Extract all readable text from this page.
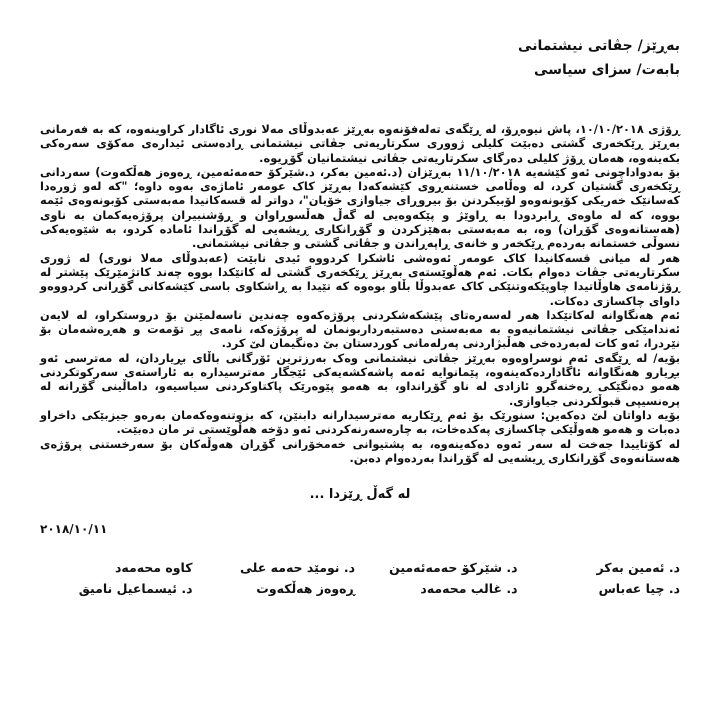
بەڕێز/ جڤاتی نیشتمانی
بابەت/ سزای سیاسی

ڕۆژی ١٠/١٠/٢٠١٨، پاش نیوەڕۆ، لە ڕێگەی تەلەفۆنەوە بەڕێز عەبدوڵای مەلا نوری ئاگادار کراوینەوە، کە بە فەرمانی بەڕێز ڕێکخەری گشتی دەبێت کلیلی ژووری سکرتاریەتی جڤاتی نیشتمانی ڕادەستی ئیدارەی مەکۆی سەرەکی بکەینەوە، هەمان ڕۆژ کلیلی دەرگای سکرتاریەتی جڤاتی نیشتمانیان گۆڕیوە.

بۆ بەدواداچونی ئەو کێشەیە ١١/١٠/٢٠١٨ بەڕێزان (د.ئەمین بەکر، د.شێرکۆ حەمەئەمین، ڕەوەز هەڵکەوت) سەردانی ڕێکخەری گشتیان کرد، لە وەڵامی خستنەڕوی کێشەکەدا بەڕێز کاک عومەر ئاماژەی بەوە داوە؛ "کە لەو ژورەدا کەسانێک خەریکی کۆبونەوەو لۆبیکردنن بۆ بیروڕای جیاوازی خۆیان"، دواتر لە قسەکانیدا مەبەستی کۆبونەوەی ئێمە بووە، کە لە ماوەی ڕابردودا بە ڕاوێژ و پێکەوەیی لە گەڵ هەڵسوڕاوان و ڕۆشنبیران پرۆژەیەکمان بە ناوی (هەستانەوەی گۆڕان) وە، بە مەبەستی بەهێزکردن و گۆڕانکاری ڕیشەیی لە گۆڕاندا ئامادە کردو، بە شێوەیەکی نسوڵی خستمانە بەردەم ڕێکخەر و خانەی ڕاپەڕاندن و جڤاتی گشتی و جڤاتی نیشتمانی.

هەر لە میانی قسەکانیدا کاک عومەر ئەوەشی ئاشکرا کردووە ئیدی نابێت (عەبدوڵای مەلا نوری) لە ژوری سکرتاریەتی جڤات دەوام بکات. ئەم هەڵوێستەی بەڕێز ڕێکخەری گشتی لە کاتێکدا بووە چەند کاتژمێرێک پێشتر لە ڕۆژنامەی هاوڵاتیدا چاوپێکەوتنێکی کاک عەبدوڵا بڵاو بوەوە کە تێیدا بە ڕاشکاوی باسی کێشەکانی گۆڕانی کردووەو داوای چاکسازی دەکات.

ئەم هەنگاوانە لەکاتێکدا هەر لەسەرەتای پێشکەشکردنی پرۆژەکەوە چەندین ناسەلمێنن بۆ دروستکراو، لە لایەن ئەندامێکی جڤاتی نیشتمانیەوە بە مەبەستی دەستبەرداربونمان لە پرۆژەکە، نامەی پڕ تۆمەت و هەڕەشەمان بۆ نێردرا، ئەو کات لەبەردەخی هەڵبژاردنی پەرلەمانی کوردستان بێ دەنگیمان لێ کرد.

بۆیە/ لە ڕێگەی ئەم نوسراوەوە بەڕێز جڤاتی نیشتمانی وەک بەرزترین ئۆرگانی باڵای بڕیاردان، لە مەترسی ئەو بڕیارو هەنگاوانە ئاگاداردەکەینەوە، پێمانوایە ئەمە پاشەکشەیەکی ئێجگار مەترسیدارە بە ئاراستەی سەرکوتکردنی هەمو دەنگێکی ڕەخنەگرو ئازادی لە ناو گۆڕانداو، بە هەمو پێوەرێک پاکتاوکردنی سیاسیەو، داماڵینی گۆڕانە لە پرەنسیپی قبوڵکردنی جیاوازی.

بۆیە داواتان لێ دەکەین: سنورێک بۆ ئەم ڕێکاریە مەترسیدارانە دابنێن، کە بزوتنەوەکەمان بەرەو جیزبێکی داخراو دەبات و هەمو هەوڵێکی چاکسازی پەکدەخات، بە چارەسەرنەکردنی ئەو دۆخە هەڵوێستی تر مان دەبێت.

لە کۆتاییدا جەخت لە سەر ئەوە دەکەینەوە، بە پشتیوانی خەمخۆرانی گۆڕان هەوڵەکان بۆ سەرخستنی پرۆژەی هەستانەوەی گۆڕانکاری ڕیشەیی لە گۆڕاندا بەردەوام دەبن.

لە گەڵ ڕێزدا ...
٢٠١٨/١٠/١١
د. ئەمین بەکر
د. شێرکۆ حەمەئەمین
د. نومێد حەمە علی
کاوە محەمەد
د. چیا عەباس
د. غالب محەمەد
ڕەوەز هەڵکەوت
د. ئیسماعیل نامیق
